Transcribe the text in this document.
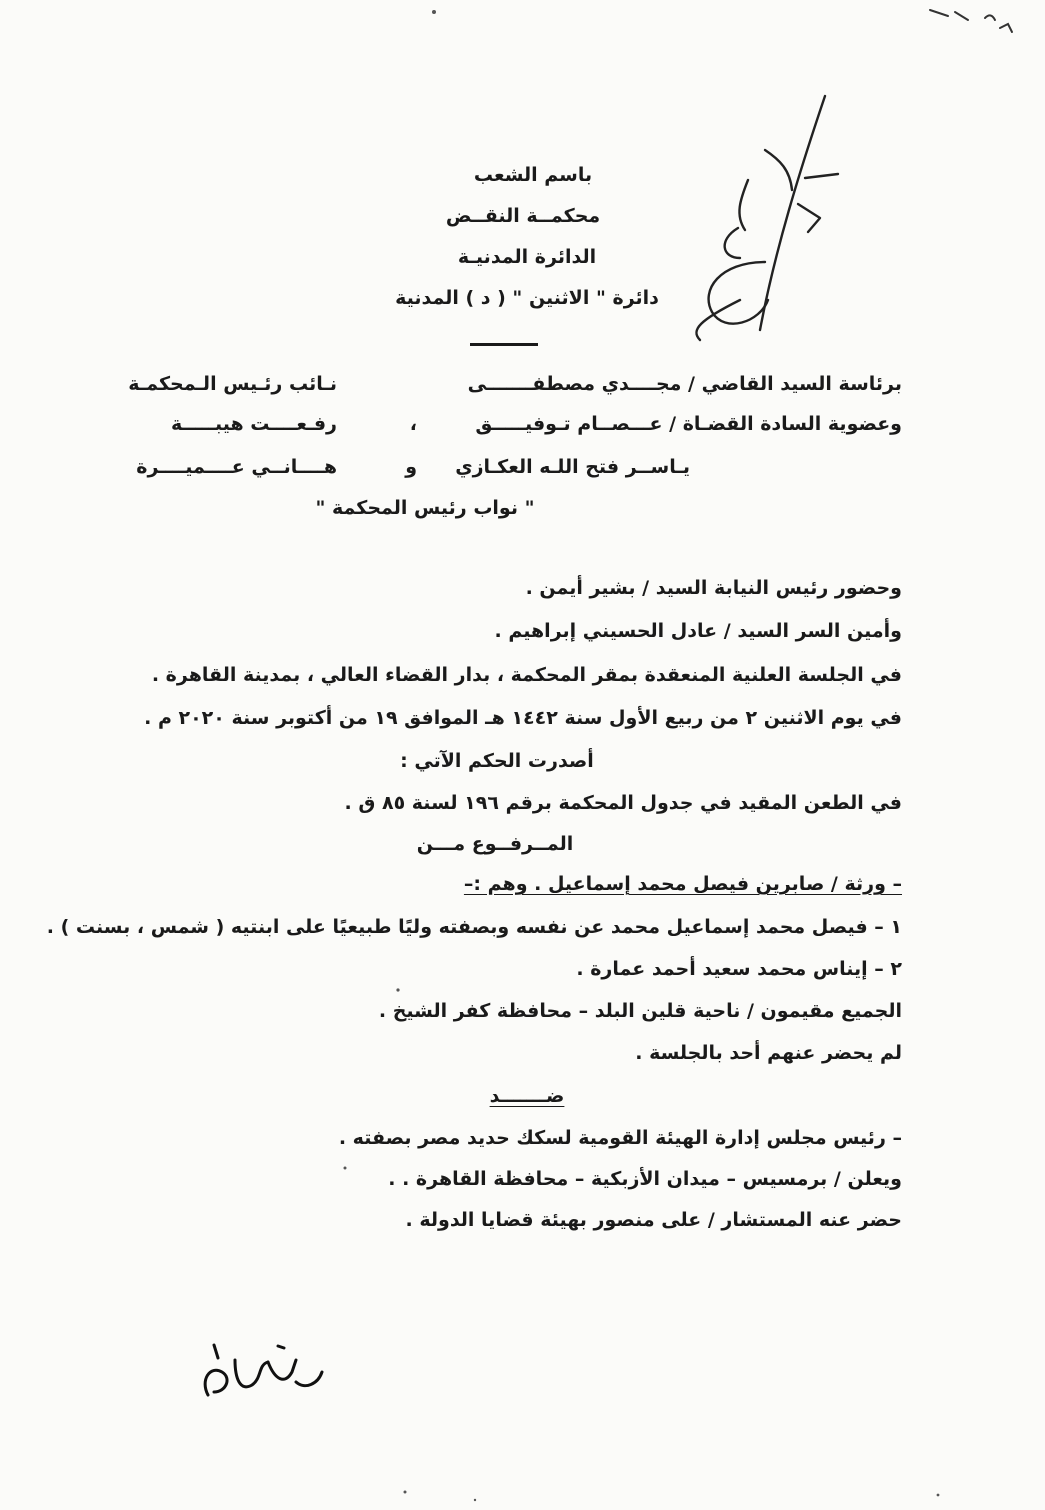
باسم الشعب
محكمــة النقــض
الدائرة المدنيـة
دائرة " الاثنين " ( د ) المدنية
برئاسة السيد القاضي / مجــــدي مصطفـــــــى
نـائب رئـيس الـمحكمـة
وعضوية السادة القضـاة / عـــصــام تـوفيـــــق
،
رفـعــــت هيبـــــة
يـاســر فتح اللـه العكـازي
و
هــــانــي عــــميــــرة
" نواب رئيس المحكمة "
وحضور رئيس النيابة السيد / بشير أيمن .
وأمين السر السيد / عادل الحسيني إبراهيم .
في الجلسة العلنية المنعقدة بمقر المحكمة ، بدار القضاء العالي ، بمدينة القاهرة .
في يوم الاثنين ٢ من ربيع الأول سنة ١٤٤٢ هـ الموافق ١٩ من أكتوبر سنة ٢٠٢٠ م .
أصدرت الحكم الآتي :
في الطعن المقيد في جدول المحكمة برقم ١٩٦ لسنة ٨٥ ق .
المــرفــوع مـــن
– ورثة / صابرين فيصل محمد إسماعيل . وهم :–
١ – فيصل محمد إسماعيل محمد عن نفسه وبصفته وليًا طبيعيًا على ابنتيه ( شمس ، بسنت ) .
٢ – إيناس محمد سعيد أحمد عمارة .
الجميع مقيمون / ناحية قلين البلد – محافظة كفر الشيخ .
لم يحضر عنهم أحد بالجلسة .
ضـــــــد
– رئيس مجلس إدارة الهيئة القومية لسكك حديد مصر بصفته .
ويعلن / برمسيس – ميدان الأزبكية – محافظة القاهرة . .
حضر عنه المستشار / على منصور بهيئة قضايا الدولة .
